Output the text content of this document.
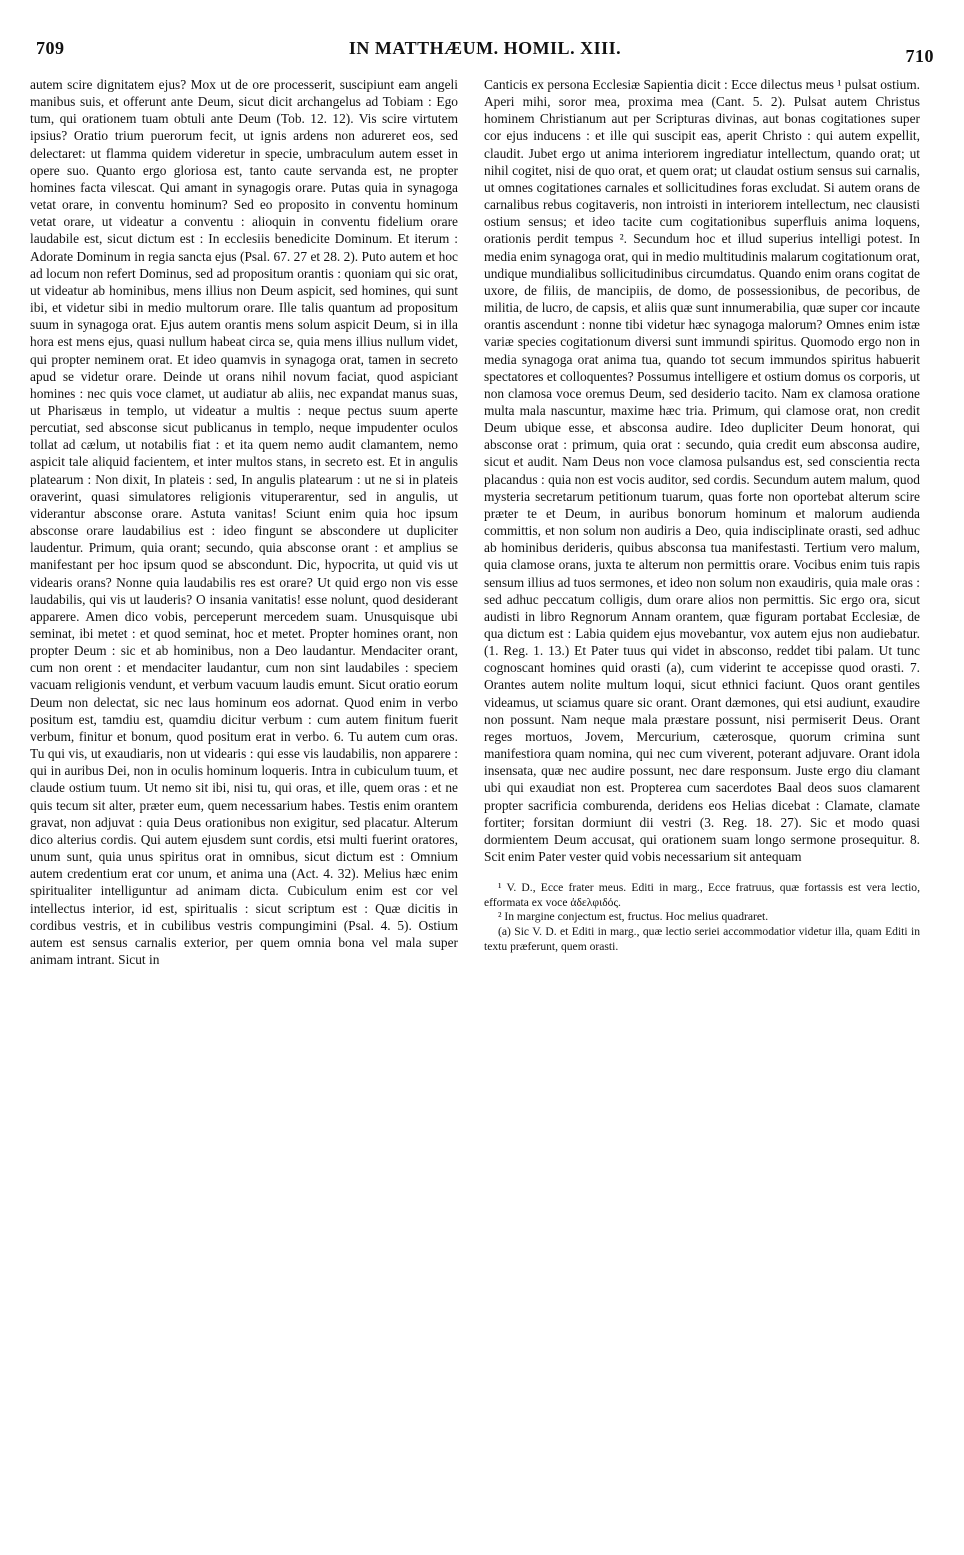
709	IN MATTHÆUM. HOMIL. XIII.	710

autem scire dignitatem ejus? Mox ut de ore processerit, suscipiunt eam angeli manibus suis, et offerunt ante Deum, sicut dicit archangelus ad Tobiam : Ego tum, qui orationem tuam obtuli ante Deum (Tob. 12. 12). Vis scire virtutem ipsius? Oratio trium puerorum fecit, ut ignis ardens non adureret eos, sed delectaret: ut flamma quidem videretur in specie, umbraculum autem esset in opere suo. Quanto ergo gloriosa est, tanto caute servanda est, ne propter homines facta vilescat. Qui amant in synagogis orare. Putas quia in synagoga vetat orare, in conventu hominum? Sed eo proposito in conventu hominum vetat orare, ut videatur a conventu : alioquin in conventu fidelium orare laudabile est, sicut dictum est : In ecclesiis benedicite Dominum. Et iterum : Adorate Dominum in regia sancta ejus (Psal. 67. 27 et 28. 2). Puto autem et hoc ad locum non refert Dominus, sed ad propositum orantis : quoniam qui sic orat, ut videatur ab hominibus, mens illius non Deum aspicit, sed homines, qui sunt ibi, et videtur sibi in medio multorum orare. Ille talis quantum ad propositum suum in synagoga orat. Ejus autem orantis mens solum aspicit Deum, si in illa hora est mens ejus, quasi nullum habeat circa se, quia mens illius nullum videt, qui propter neminem orat. Et ideo quamvis in synagoga orat, tamen in secreto apud se videtur orare. Deinde ut orans nihil novum faciat, quod aspiciant homines : nec quis voce clamet, ut audiatur ab aliis, nec expandat manus suas, ut Pharisæus in templo, ut videatur a multis : neque pectus suum aperte percutiat, sed absconse sicut publicanus in templo, neque impudenter oculos tollat ad cælum, ut notabilis fiat : et ita quem nemo audit clamantem, nemo aspicit tale aliquid facientem, et inter multos stans, in secreto est. Et in angulis platearum : Non dixit, In plateis : sed, In angulis platearum : ut ne si in plateis oraverint, quasi simulatores religionis vituperarentur, sed in angulis, ut viderantur absconse orare. Astuta vanitas! Sciunt enim quia hoc ipsum absconse orare laudabilius est : ideo fingunt se abscondere ut dupliciter laudentur. Primum, quia orant; secundo, quia absconse orant : et amplius se manifestant per hoc ipsum quod se abscondunt. Dic, hypocrita, ut quid vis ut videaris orans? Nonne quia laudabilis res est orare? Ut quid ergo non vis esse laudabilis, qui vis ut lauderis? O insania vanitatis! esse nolunt, quod desiderant apparere. Amen dico vobis, perceperunt mercedem suam. Unusquisque ubi seminat, ibi metet : et quod seminat, hoc et metet. Propter homines orant, non propter Deum : sic et ab hominibus, non a Deo laudantur. Mendaciter orant, cum non orent : et mendaciter laudantur, cum non sint laudabiles : speciem vacuam religionis vendunt, et verbum vacuum laudis emunt. Sicut oratio eorum Deum non delectat, sic nec laus hominum eos adornat. Quod enim in verbo positum est, tamdiu est, quamdiu dicitur verbum : cum autem finitum fuerit verbum, finitur et bonum, quod positum erat in verbo. 6. Tu autem cum oras. Tu qui vis, ut exaudiaris, non ut videaris : qui esse vis laudabilis, non apparere : qui in auribus Dei, non in oculis hominum loqueris. Intra in cubiculum tuum, et claude ostium tuum. Ut nemo sit ibi, nisi tu, qui oras, et ille, quem oras : et ne quis tecum sit alter, præter eum, quem necessarium habes. Testis enim orantem gravat, non adjuvat : quia Deus orationibus non exigitur, sed placatur. Alterum dico alterius cordis. Qui autem ejusdem sunt cordis, etsi multi fuerint oratores, unum sunt, quia unus spiritus orat in omnibus, sicut dictum est : Omnium autem credentium erat cor unum, et anima una (Act. 4. 32). Melius hæc enim spiritualiter intelliguntur ad animam dicta. Cubiculum enim est cor vel intellectus interior, id est, spiritualis : sicut scriptum est : Quæ dicitis in cordibus vestris, et in cubilibus vestris compungimini (Psal. 4. 5). Ostium autem est sensus carnalis exterior, per quem omnia bona vel mala super animam intrant. Sicut in

Canticis ex persona Ecclesiæ Sapientia dicit : Ecce dilectus meus ¹ pulsat ostium. Aperi mihi, soror mea, proxima mea (Cant. 5. 2). Pulsat autem Christus hominem Christianum aut per Scripturas divinas, aut bonas cogitationes super cor ejus inducens : et ille qui suscipit eas, aperit Christo : qui autem expellit, claudit. Jubet ergo ut anima interiorem ingrediatur intellectum, quando orat; ut nihil cogitet, nisi de quo orat, et quem orat; ut claudat ostium sensus sui carnalis, ut omnes cogitationes carnales et sollicitudines foras excludat. Si autem orans de carnalibus rebus cogitaveris, non introisti in interiorem intellectum, nec clausisti ostium sensus; et ideo tacite cum cogitationibus superfluis anima loquens, orationis perdit tempus ². Secundum hoc et illud superius intelligi potest. In media enim synagoga orat, qui in medio multitudinis malarum cogitationum orat, undique mundialibus sollicitudinibus circumdatus. Quando enim orans cogitat de uxore, de filiis, de mancipiis, de domo, de possessionibus, de pecoribus, de militia, de lucro, de capsis, et aliis quæ sunt innumerabilia, quæ super cor incaute orantis ascendunt : nonne tibi videtur hæc synagoga malorum? Omnes enim istæ variæ species cogitationum diversi sunt immundi spiritus. Quomodo ergo non in media synagoga orat anima tua, quando tot secum immundos spiritus habuerit spectatores et colloquentes? Possumus intelligere et ostium domus os corporis, ut non clamosa voce oremus Deum, sed desiderio tacito. Nam ex clamosa oratione multa mala nascuntur, maxime hæc tria. Primum, qui clamose orat, non credit Deum ubique esse, et absconsa audire. Ideo dupliciter Deum honorat, qui absconse orat : primum, quia orat : secundo, quia credit eum absconsa audire, sicut et audit. Nam Deus non voce clamosa pulsandus est, sed conscientia recta placandus : quia non est vocis auditor, sed cordis. Secundum autem malum, quod mysteria secretarum petitionum tuarum, quas forte non oportebat alterum scire præter te et Deum, in auribus bonorum hominum et malorum audienda committis, et non solum non audiris a Deo, quia indisciplinate orasti, sed adhuc ab hominibus derideris, quibus absconsa tua manifestasti. Tertium vero malum, quia clamose orans, juxta te alterum non permittis orare. Vocibus enim tuis rapis sensum illius ad tuos sermones, et ideo non solum non exaudiris, quia male oras : sed adhuc peccatum colligis, dum orare alios non permittis. Sic ergo ora, sicut audisti in libro Regnorum Annam orantem, quæ figuram portabat Ecclesiæ, de qua dictum est : Labia quidem ejus movebantur, vox autem ejus non audiebatur. (1. Reg. 1. 13.) Et Pater tuus qui videt in absconso, reddet tibi palam. Ut tunc cognoscant homines quid orasti (a), cum viderint te accepisse quod orasti. 7. Orantes autem nolite multum loqui, sicut ethnici faciunt. Quos orant gentiles videamus, ut sciamus quare sic orant. Orant dæmones, qui etsi audiunt, exaudire non possunt. Nam neque mala præstare possunt, nisi permiserit Deus. Orant reges mortuos, Jovem, Mercurium, cæterosque, quorum crimina sunt manifestiora quam nomina, qui nec cum viverent, poterant adjuvare. Orant idola insensata, quæ nec audire possunt, nec dare responsum. Juste ergo diu clamant ubi qui exaudiat non est. Propterea cum sacerdotes Baal deos suos clamarent propter sacrificia comburenda, deridens eos Helias dicebat : Clamate, clamate fortiter; forsitan dormiunt dii vestri (3. Reg. 18. 27). Sic et modo quasi dormientem Deum accusat, qui orationem suam longo sermone prosequitur. 8. Scit enim Pater vester quid vobis necessarium sit antequam

¹ V. D., Ecce frater meus. Editi in marg., Ecce fratruus, quæ fortassis est vera lectio, efformata ex voce ἀδελφιδός.

² In margine conjectum est, fructus. Hoc melius quadraret.

(a) Sic V. D. et Editi in marg., quæ lectio seriei accommodatior videtur illa, quam Editi in textu præferunt, quem orasti.
